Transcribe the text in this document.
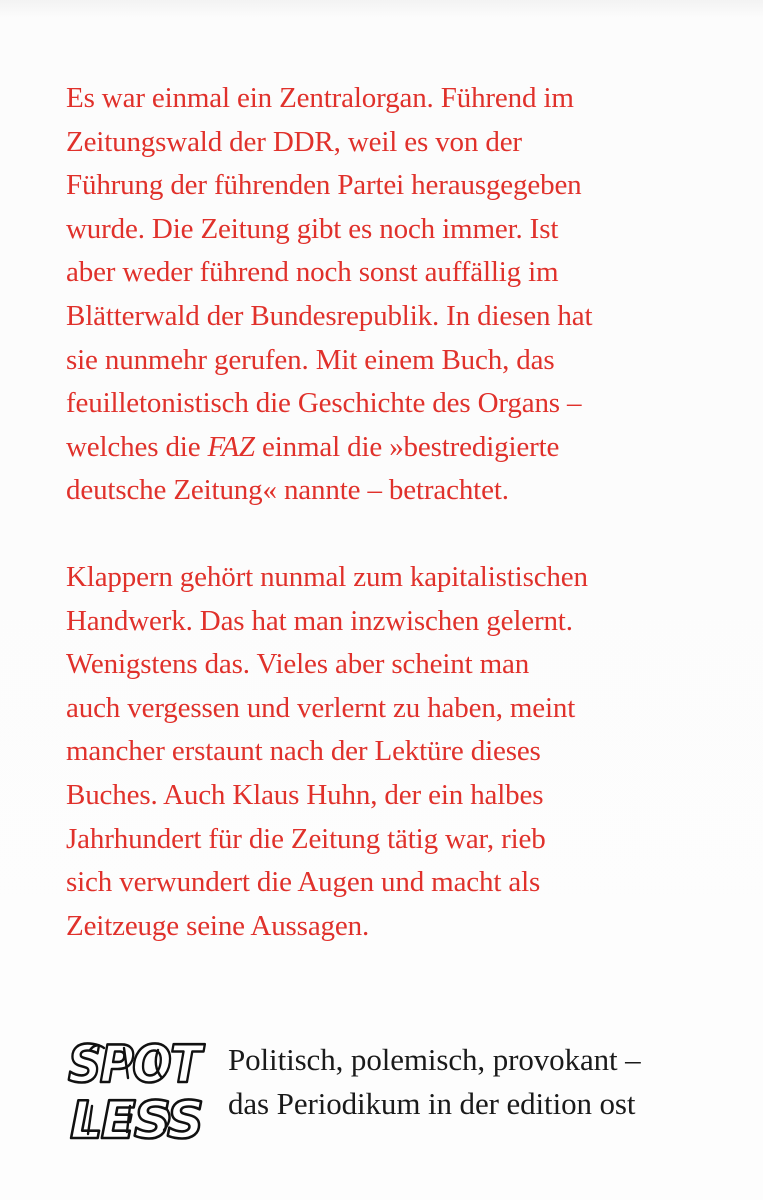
Es war einmal ein Zentralorgan. Führend im
Zeitungswald der DDR, weil es von der
Führung der führenden Partei herausgegeben
wurde. Die Zeitung gibt es noch immer. Ist
aber weder führend noch sonst auffällig im
Blätterwald der Bundesrepublik. In diesen hat
sie nunmehr gerufen. Mit einem Buch, das
feuilletonistisch die Geschichte des Organs –
welches die FAZ einmal die »bestredigierte
deutsche Zeitung« nannte – betrachtet.

Klappern gehört nunmal zum kapitalistischen
Handwerk. Das hat man inzwischen gelernt.
Wenigstens das. Vieles aber scheint man
auch vergessen und verlernt zu haben, meint
mancher erstaunt nach der Lektüre dieses
Buches. Auch Klaus Huhn, der ein halbes
Jahrhundert für die Zeitung tätig war, rieb
sich verwundert die Augen und macht als
Zeitzeuge seine Aussagen.

SPOT
LESS

Politisch, polemisch, provokant –
das Periodikum in der edition ost
